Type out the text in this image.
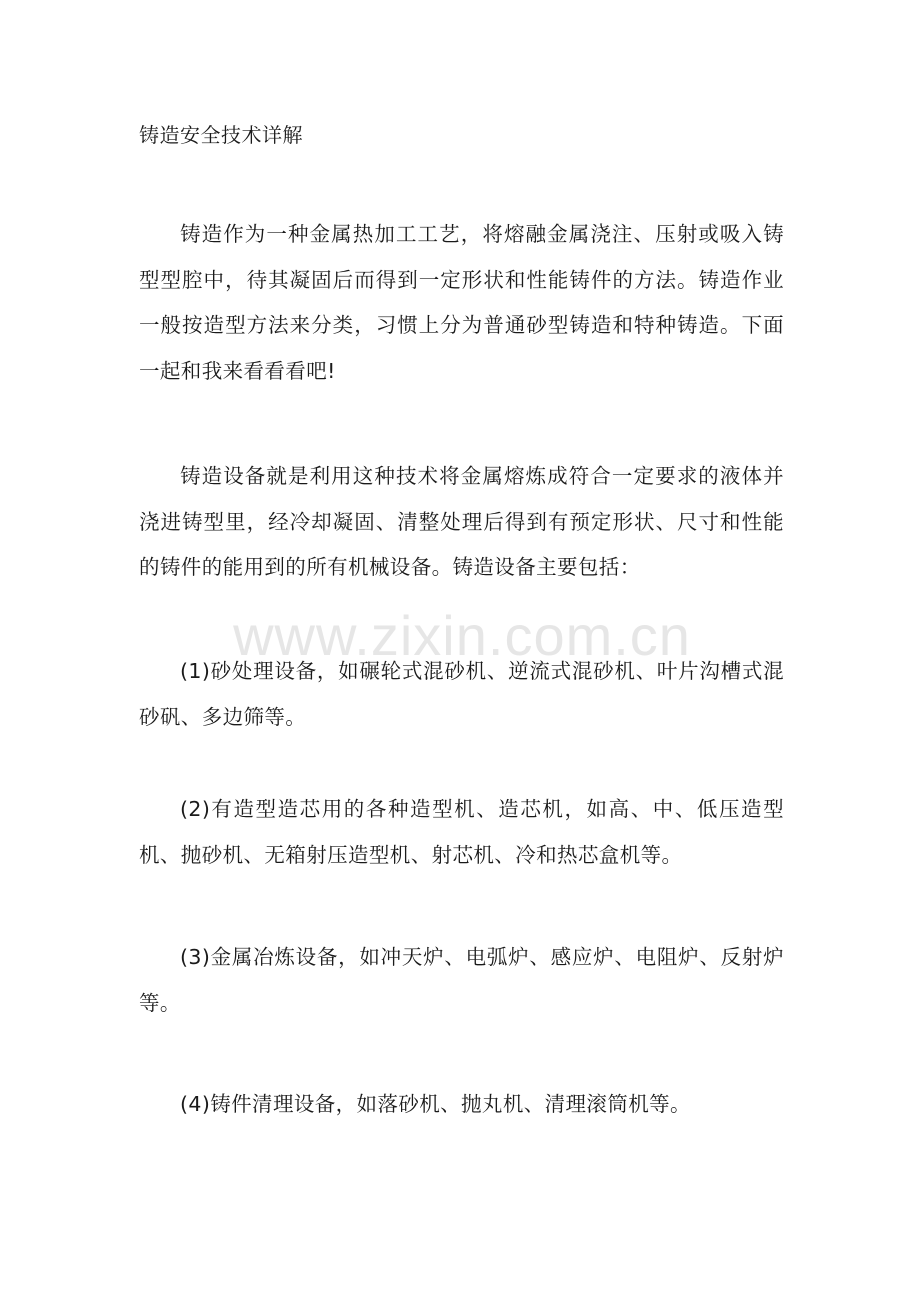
铸造安全技术详解

铸造作为一种金属热加工工艺，将熔融金属浇注、压射或吸入铸型型腔中，待其凝固后而得到一定形状和性能铸件的方法。铸造作业一般按造型方法来分类，习惯上分为普通砂型铸造和特种铸造。下面一起和我来看看看吧!

铸造设备就是利用这种技术将金属熔炼成符合一定要求的液体并浇进铸型里，经冷却凝固、清整处理后得到有预定形状、尺寸和性能的铸件的能用到的所有机械设备。铸造设备主要包括：

(1)砂处理设备，如碾轮式混砂机、逆流式混砂机、叶片沟槽式混砂矾、多边筛等。

(2)有造型造芯用的各种造型机、造芯机，如高、中、低压造型机、抛砂机、无箱射压造型机、射芯机、冷和热芯盒机等。

(3)金属冶炼设备，如冲天炉、电弧炉、感应炉、电阻炉、反射炉等。

(4)铸件清理设备，如落砂机、抛丸机、清理滚筒机等。

www.zixin.com.cn
